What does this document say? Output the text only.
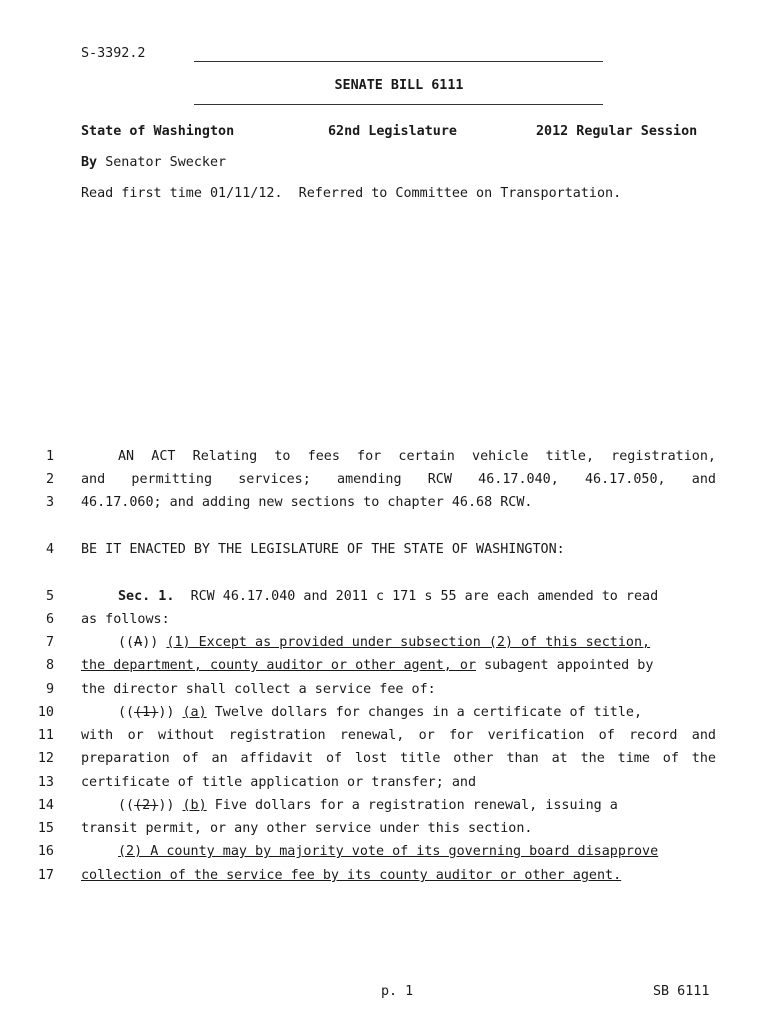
S-3392.2
SENATE BILL 6111
State of Washington	62nd Legislature	2012 Regular Session
By Senator Swecker
Read first time 01/11/12.  Referred to Committee on Transportation.
1
2
3
4
5
6
7
8
9
10
11
12
13
14
15
16
17
AN ACT Relating to fees for certain vehicle title, registration,
and permitting services; amending RCW 46.17.040, 46.17.050, and
46.17.060; and adding new sections to chapter 46.68 RCW.
BE IT ENACTED BY THE LEGISLATURE OF THE STATE OF WASHINGTON:
Sec. 1. RCW 46.17.040 and 2011 c 171 s 55 are each amended to read
as follows:
((A)) (1) Except as provided under subsection (2) of this section,
the department, county auditor or other agent, or subagent appointed by
the director shall collect a service fee of:
(((1))) (a) Twelve dollars for changes in a certificate of title,
with or without registration renewal, or for verification of record and
preparation of an affidavit of lost title other than at the time of the
certificate of title application or transfer; and
(((2))) (b) Five dollars for a registration renewal, issuing a
transit permit, or any other service under this section.
(2) A county may by majority vote of its governing board disapprove
collection of the service fee by its county auditor or other agent.
p. 1	SB 6111
